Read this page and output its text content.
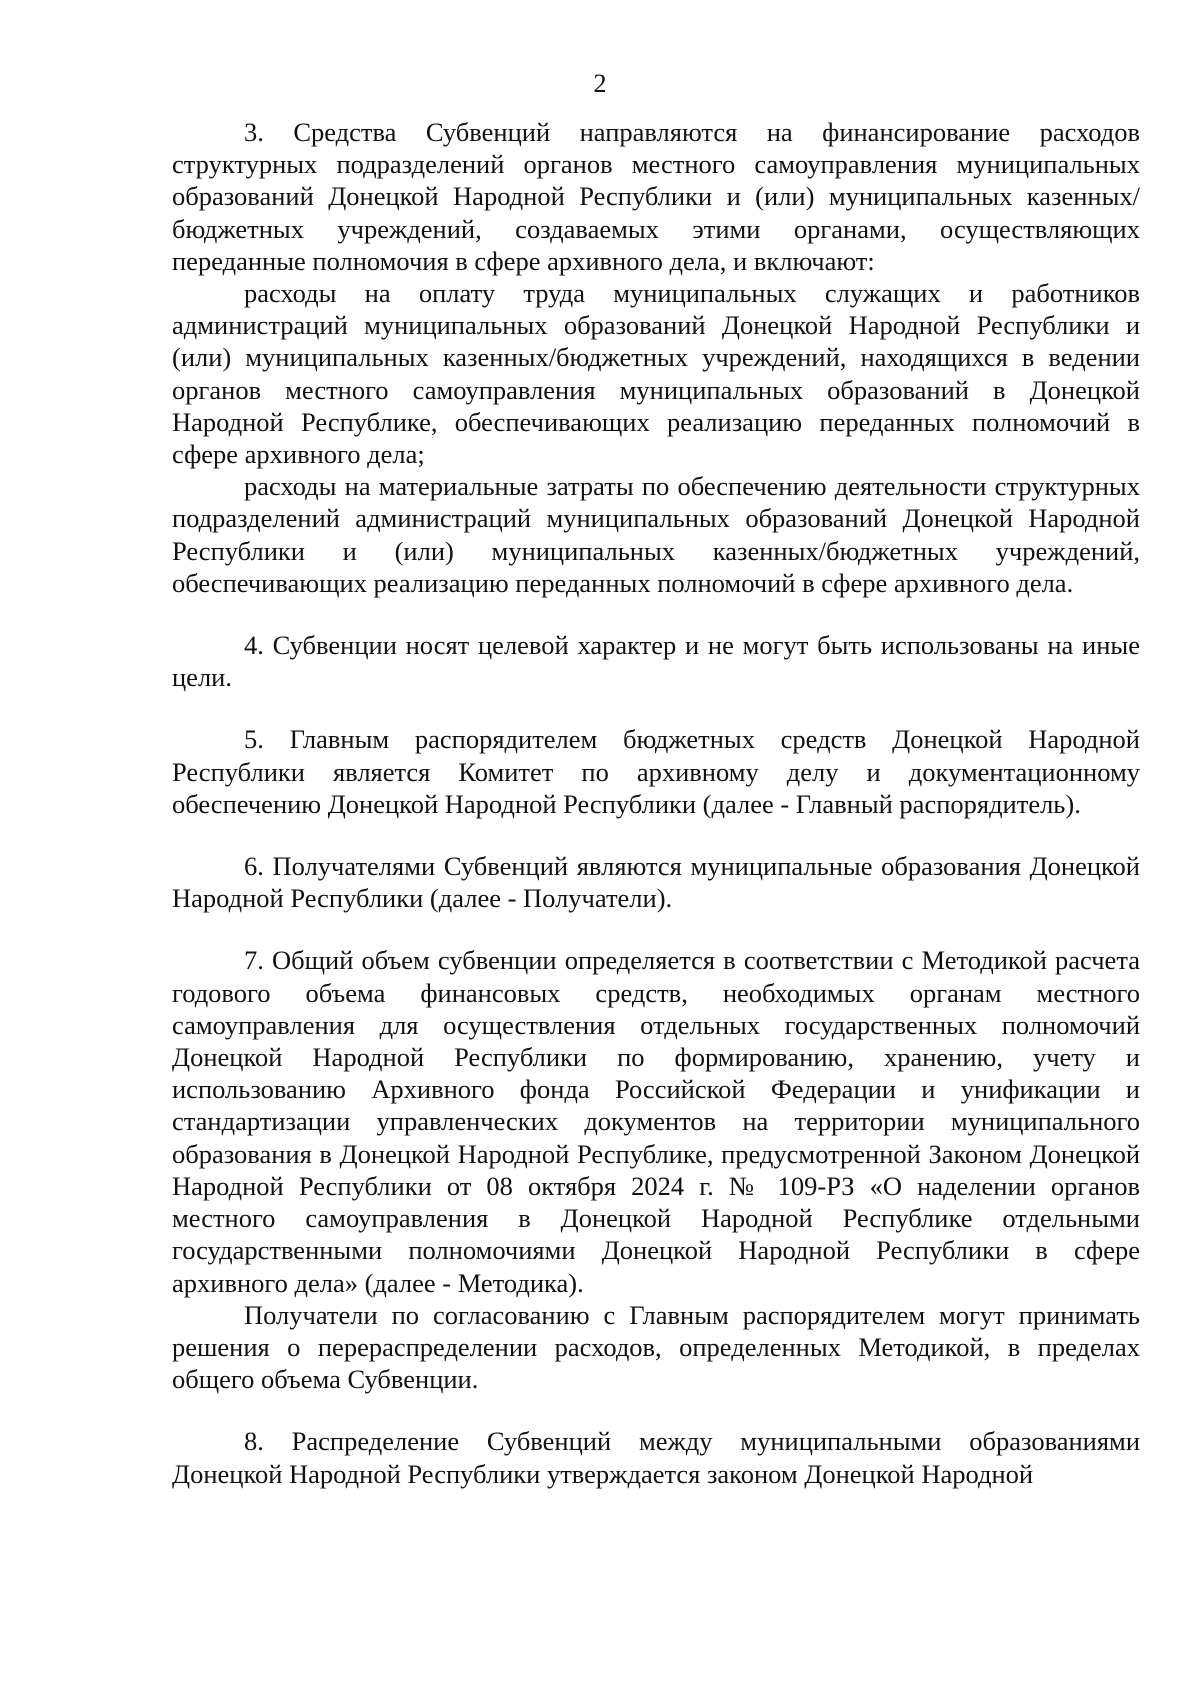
2

3. Средства Субвенций направляются на финансирование расходов структурных подразделений органов местного самоуправления муниципальных образований Донецкой Народной Республики и (или) муниципальных казенных/бюджетных учреждений, создаваемых этими органами, осуществляющих переданные полномочия в сфере архивного дела, и включают:

расходы на оплату труда муниципальных служащих и работников администраций муниципальных образований Донецкой Народной Республики и (или) муниципальных казенных/бюджетных учреждений, находящихся в ведении органов местного самоуправления муниципальных образований в Донецкой Народной Республике, обеспечивающих реализацию переданных полномочий в сфере архивного дела;

расходы на материальные затраты по обеспечению деятельности структурных подразделений администраций муниципальных образований Донецкой Народной Республики и (или) муниципальных казенных/бюджетных учреждений, обеспечивающих реализацию переданных полномочий в сфере архивного дела.

4. Субвенции носят целевой характер и не могут быть использованы на иные цели.

5. Главным распорядителем бюджетных средств Донецкой Народной Республики является Комитет по архивному делу и документационному обеспечению Донецкой Народной Республики (далее - Главный распорядитель).

6. Получателями Субвенций являются муниципальные образования Донецкой Народной Республики (далее - Получатели).

7. Общий объем субвенции определяется в соответствии с Методикой расчета годового объема финансовых средств, необходимых органам местного самоуправления для осуществления отдельных государственных полномочий Донецкой Народной Республики по формированию, хранению, учету и использованию Архивного фонда Российской Федерации и унификации и стандартизации управленческих документов на территории муниципального образования в Донецкой Народной Республике, предусмотренной Законом Донецкой Народной Республики от 08 октября 2024 г. № 109-РЗ «О наделении органов местного самоуправления в Донецкой Народной Республике отдельными государственными полномочиями Донецкой Народной Республики в сфере архивного дела» (далее - Методика).

Получатели по согласованию с Главным распорядителем могут принимать решения о перераспределении расходов, определенных Методикой, в пределах общего объема Субвенции.

8. Распределение Субвенций между муниципальными образованиями Донецкой Народной Республики утверждается законом Донецкой Народной
